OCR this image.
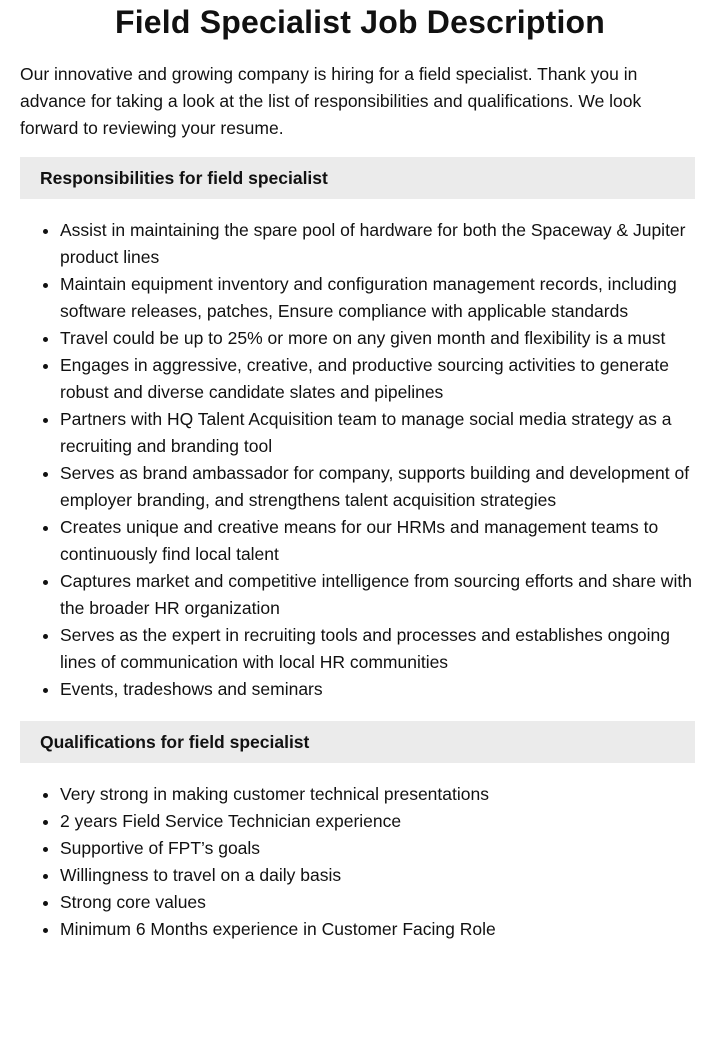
Field Specialist Job Description

Our innovative and growing company is hiring for a field specialist. Thank you in advance for taking a look at the list of responsibilities and qualifications. We look forward to reviewing your resume.

Responsibilities for field specialist
• Assist in maintaining the spare pool of hardware for both the Spaceway & Jupiter product lines
• Maintain equipment inventory and configuration management records, including software releases, patches, Ensure compliance with applicable standards
• Travel could be up to 25% or more on any given month and flexibility is a must
• Engages in aggressive, creative, and productive sourcing activities to generate robust and diverse candidate slates and pipelines
• Partners with HQ Talent Acquisition team to manage social media strategy as a recruiting and branding tool
• Serves as brand ambassador for company, supports building and development of employer branding, and strengthens talent acquisition strategies
• Creates unique and creative means for our HRMs and management teams to continuously find local talent
• Captures market and competitive intelligence from sourcing efforts and share with the broader HR organization
• Serves as the expert in recruiting tools and processes and establishes ongoing lines of communication with local HR communities
• Events, tradeshows and seminars
Qualifications for field specialist
• Very strong in making customer technical presentations
• 2 years Field Service Technician experience
• Supportive of FPT’s goals
• Willingness to travel on a daily basis
• Strong core values
• Minimum 6 Months experience in Customer Facing Role
